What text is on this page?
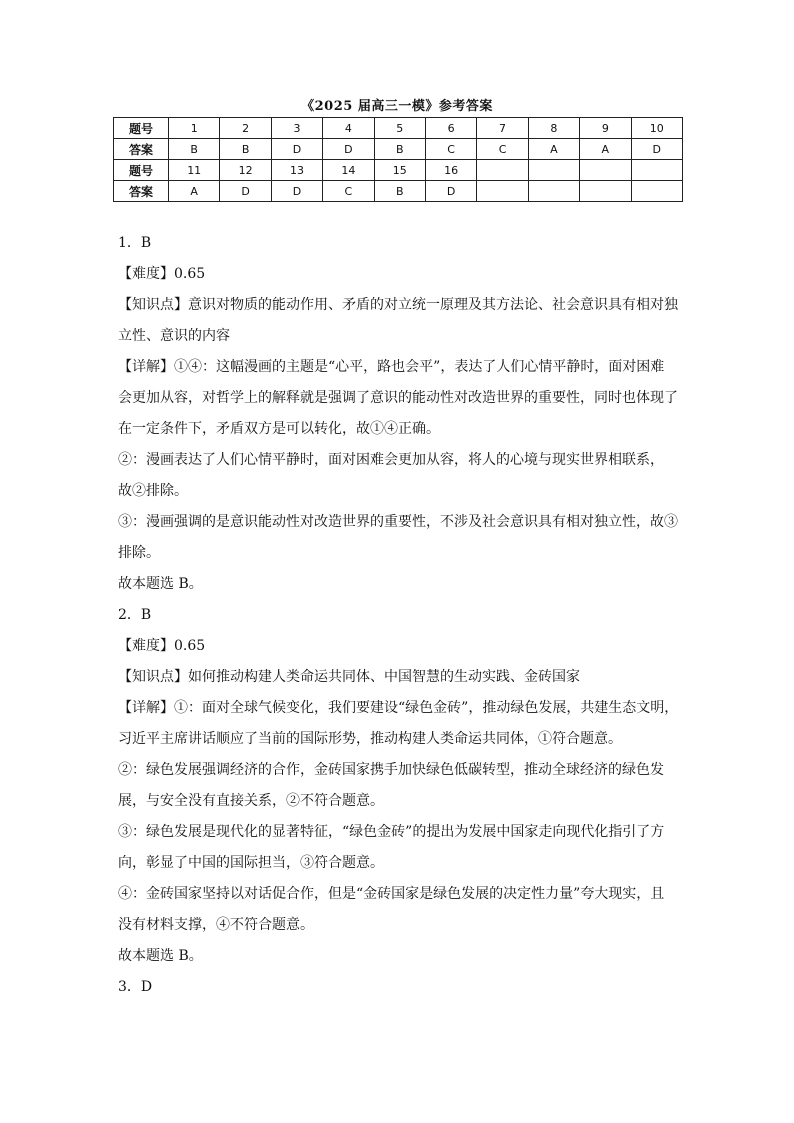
《2025 届高三一模》参考答案
题号	1	2	3	4	5	6	7	8	9	10
答案	B	B	D	D	B	C	C	A	A	D
题号	11	12	13	14	15	16				
答案	A	D	D	C	B	D				

1．B

【难度】0.65

【知识点】意识对物质的能动作用、矛盾的对立统一原理及其方法论、社会意识具有相对独

立性、意识的内容

【详解】①④：这幅漫画的主题是“心平，路也会平”，表达了人们心情平静时，面对困难

会更加从容，对哲学上的解释就是强调了意识的能动性对改造世界的重要性，同时也体现了

在一定条件下，矛盾双方是可以转化，故①④正确。

②：漫画表达了人们心情平静时，面对困难会更加从容，将人的心境与现实世界相联系，

故②排除。

③：漫画强调的是意识能动性对改造世界的重要性，不涉及社会意识具有相对独立性，故③

排除。

故本题选 B。

2．B

【难度】0.65

【知识点】如何推动构建人类命运共同体、中国智慧的生动实践、金砖国家

【详解】①：面对全球气候变化，我们要建设“绿色金砖”，推动绿色发展，共建生态文明，

习近平主席讲话顺应了当前的国际形势，推动构建人类命运共同体，①符合题意。

②：绿色发展强调经济的合作，金砖国家携手加快绿色低碳转型，推动全球经济的绿色发

展，与安全没有直接关系，②不符合题意。

③：绿色发展是现代化的显著特征，“绿色金砖”的提出为发展中国家走向现代化指引了方

向，彰显了中国的国际担当，③符合题意。

④：金砖国家坚持以对话促合作，但是“金砖国家是绿色发展的决定性力量”夸大现实，且

没有材料支撑，④不符合题意。

故本题选 B。

3．D
